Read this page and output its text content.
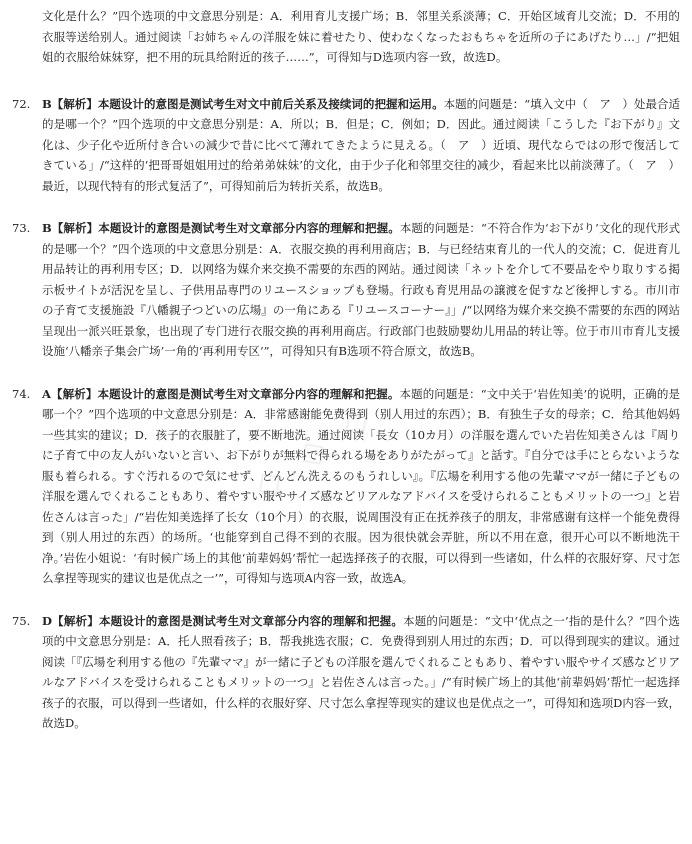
◇ ◇ ◇

文化是什么？”四个选项的中文意思分别是：A．利用育儿支援广场；B．邻里关系淡薄；C．开始区域育儿交流；D．不用的衣服等送给别人。通过阅读「お姉ちゃんの洋服を妹に着せたり、使わなくなったおもちゃを近所の子にあげたり…」/“把姐姐的衣服给妹妹穿，把不用的玩具给附近的孩子……”，可得知与D选项内容一致，故选D。

72.	B【解析】本题设计的意图是测试考生对文中前后关系及接续词的把握和运用。本题的问题是：“填入文中（　ア　）处最合适的是哪一个？”四个选项的中文意思分别是：A．所以；B．但是；C．例如；D．因此。通过阅读「こうした『お下がり』文化は、少子化や近所付き合いの減少で昔に比べて薄れてきたように見える。（　ア　）近頃、現代ならではの形で復活してきている」/“这样的‘把哥哥姐姐用过的给弟弟妹妹’的文化，由于少子化和邻里交往的减少，看起来比以前淡薄了。（　ア　）最近，以现代特有的形式复活了”，可得知前后为转折关系，故选B。
73.	B【解析】本题设计的意图是测试考生对文章部分内容的理解和把握。本题的问题是：“不符合作为‘お下がり’文化的现代形式的是哪一个？”四个选项的中文意思分别是：A．衣服交换的再利用商店；B．与已经结束育儿的一代人的交流；C．促进育儿用品转让的再利用专区；D．以网络为媒介来交换不需要的东西的网站。通过阅读「ネットを介して不要品をやり取りする掲示板サイトが活況を呈し、子供用品専門のリユースショップも登場。行政も育児用品の譲渡を促すなど後押しする。市川市の子育て支援施設『八幡親子つどいの広場』の一角にある『リユースコーナー』」/“以网络为媒介来交换不需要的东西的网站呈现出一派兴旺景象，也出现了专门进行衣服交换的再利用商店。行政部门也鼓励婴幼儿用品的转让等。位于市川市育儿支援设施‘八幡亲子集会广场’一角的‘再利用专区’”，可得知只有B选项不符合原文，故选B。
74.	A【解析】本题设计的意图是测试考生对文章部分内容的理解和把握。本题的问题是：“文中关于‘岩佐知美’的说明，正确的是哪一个？”四个选项的中文意思分别是：A．非常感谢能免费得到（别人用过的东西）；B．有独生子女的母亲；C．给其他妈妈一些其实的建议；D．孩子的衣服脏了，要不断地洗。通过阅读「長女（10カ月）の洋服を選んでいた岩佐知美さんは『周りに子育て中の友人がいないと言い、お下がりが無料で得られる場をありがたがって』と話す。『自分では手にとらないような服も着られる。すぐ汚れるので気にせず、どんどん洗えるのもうれしい』。『広場を利用する他の先輩ママが一緒に子どもの洋服を選んでくれることもあり、着やすい服やサイズ感などリアルなアドバイスを受けられることもメリットの一つ』と岩佐さんは言った」/“岩佐知美选择了长女（10个月）的衣服，说周围没有正在抚养孩子的朋友，非常感谢有这样一个能免费得到（别人用过的东西）的场所。‘也能穿到自己得不到的衣服。因为很快就会弄脏，所以不用在意，很开心可以不断地洗干净。’岩佐小姐说：‘有时候广场上的其他‘前辈妈妈’帮忙一起选择孩子的衣服，可以得到一些诸如，什么样的衣服好穿、尺寸怎么拿捏等现实的建议也是优点之一’”，可得知与选项A内容一致，故选A。
75.	D【解析】本题设计的意图是测试考生对文章部分内容的理解和把握。本题的问题是：“文中‘优点之一’指的是什么？”四个选项的中文意思分别是：A．托人照看孩子；B．帮我挑选衣服；C．免费得到别人用过的东西；D．可以得到现实的建议。通过阅读「『広場を利用する他の『先輩ママ』が一緒に子どもの洋服を選んでくれることもあり、着やすい服やサイズ感などリアルなアドバイスを受けられることもメリットの一つ』と岩佐さんは言った。」/“有时候广场上的其他‘前辈妈妈’帮忙一起选择孩子的衣服，可以得到一些诸如，什么样的衣服好穿、尺寸怎么拿捏等现实的建议也是优点之一”，可得知和选项D内容一致，故选D。
